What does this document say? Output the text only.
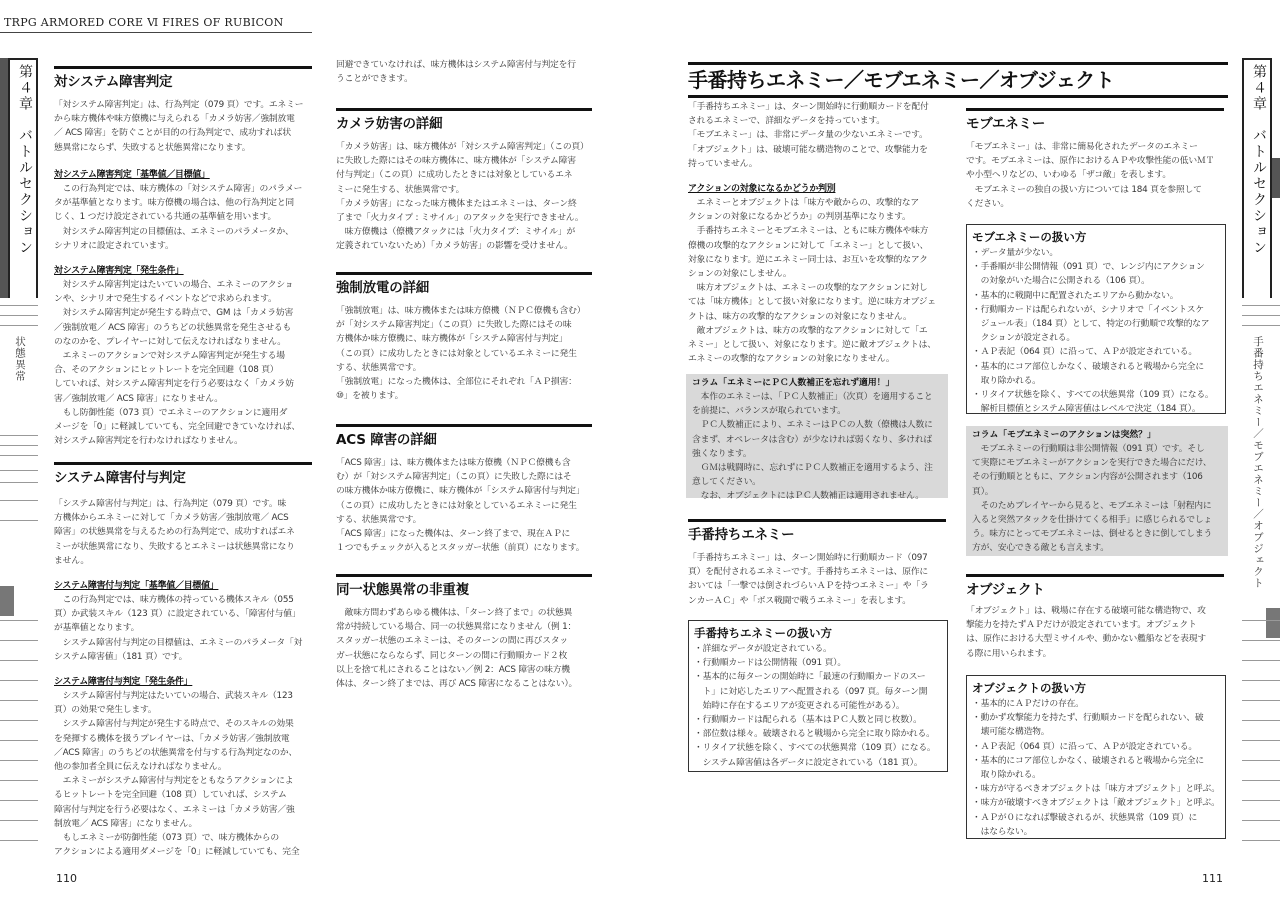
TRPG ARMORED CORE Ⅵ FIRES OF RUBICON
第４章　バトルセクション
状態異常
第４章　バトルセクション
手番持ちエネミー／モブエネミー／オブジェクト
対システム障害判定
「対システム障害判定」は、行為判定（079 頁）です。エネミー
から味方機体や味方僚機に与えられる「カメラ妨害／強制放電
／ ACS 障害」を防ぐことが目的の行為判定で、成功すれば状
態異常にならず、失敗すると状態異常になります。
対システム障害判定「基準値／目標値」
　この行為判定では、味方機体の「対システム障害」のパラメー
タが基準値となります。味方僚機の場合は、他の行為判定と同
じく、1 つだけ設定されている共通の基準値を用います。
　対システム障害判定の目標値は、エネミーのパラメータか、
シナリオに設定されています。
対システム障害判定「発生条件」
　対システム障害判定はたいていの場合、エネミーのアクショ
ンや、シナリオで発生するイベントなどで求められます。
　対システム障害判定が発生する時点で、GM は「カメラ妨害
／強制放電／ ACS 障害」のうちどの状態異常を発生させるも
のなのかを、プレイヤーに対して伝えなければなりません。
　エネミーのアクションで対システム障害判定が発生する場
合、そのアクションにヒットレートを完全回避（108 頁）
していれば、対システム障害判定を行う必要はなく「カメラ妨
害／強制放電／ ACS 障害」になりません。
　もし防御性能（073 頁）でエネミーのアクションに適用ダ
メージを「0」に軽減していても、完全回避できていなければ、
対システム障害判定を行わなければなりません。
システム障害付与判定
「システム障害付与判定」は、行為判定（079 頁）です。味
方機体からエネミーに対して「カメラ妨害／強制放電／ ACS
障害」の状態異常を与えるための行為判定で、成功すればエネ
ミーが状態異常になり、失敗するとエネミーは状態異常になり
ません。
システム障害付与判定「基準値／目標値」
　この行為判定では、味方機体の持っている機体スキル（055
頁）か武装スキル（123 頁）に設定されている、「障害付与値」
が基準値となります。
　システム障害付与判定の目標値は、エネミーのパラメータ「対
システム障害値」（181 頁）です。
システム障害付与判定「発生条件」
　システム障害付与判定はたいていの場合、武装スキル（123
頁）の効果で発生します。
　システム障害付与判定が発生する時点で、そのスキルの効果
を発揮する機体を扱うプレイヤーは、「カメラ妨害／強制放電
／ACS 障害」のうちどの状態異常を付与する行為判定なのか、
他の参加者全員に伝えなければなりません。
　エネミーがシステム障害付与判定をともなうアクションによ
るヒットレートを完全回避（108 頁）していれば、システム
障害付与判定を行う必要はなく、エネミーは「カメラ妨害／強
制放電／ ACS 障害」になりません。
　もしエネミーが防御性能（073 頁）で、味方機体からの
アクションによる適用ダメージを「0」に軽減していても、完全
回避できていなければ、味方機体はシステム障害付与判定を行
うことができます。
カメラ妨害の詳細
「カメラ妨害」は、味方機体が「対システム障害判定」（この頁）
に失敗した際にはその味方機体に、味方機体が「システム障害
付与判定」（この頁）に成功したときには対象としているエネ
ミーに発生する、状態異常です。
「カメラ妨害」になった味方機体またはエネミーは、ターン終
了まで「火力タイプ : ミサイル」のアタックを実行できません。
　味方僚機は（僚機アタックには「火力タイプ：ミサイル」が
定義されていないため）「カメラ妨害」の影響を受けません。
強制放電の詳細
「強制放電」は、味方機体または味方僚機（ＮＰＣ僚機も含む）
が「対システム障害判定」（この頁）に失敗した際にはその味
方機体か味方僚機に、味方機体が「システム障害付与判定」
（この頁）に成功したときには対象としているエネミーに発生
する、状態異常です。
「強制放電」になった機体は、全部位にそれぞれ「ＡＰ損害：
⑩」を被ります。
ACS 障害の詳細
「ACS 障害」は、味方機体または味方僚機（ＮＰＣ僚機も含
む）が「対システム障害判定」（この頁）に失敗した際にはそ
の味方機体か味方僚機に、味方機体が「システム障害付与判定」
（この頁）に成功したときには対象としているエネミーに発生
する、状態異常です。
「ACS 障害」になった機体は、ターン終了まで、現在ＡＰに
１つでもチェックが入るとスタッガー状態（前頁）になります。
同一状態異常の非重複
　敵味方問わずあらゆる機体は、「ターン終了まで」の状態異
常が持続している場合、同一の状態異常になりません（例 1：
スタッガー状態のエネミーは、そのターンの間に再びスタッ
ガー状態にならならず、同じターンの間に行動順カード２枚
以上を捨て札にされることはない／例 2：ACS 障害の味方機
体は、ターン終了までは、再び ACS 障害になることはない）。
手番持ちエネミー／モブエネミー／オブジェクト
「手番持ちエネミー」は、ターン開始時に行動順カードを配付
されるエネミーで、詳細なデータを持っています。
「モブエネミー」は、非常にデータ量の少ないエネミーです。
「オブジェクト」は、破壊可能な構造物のことで、攻撃能力を
持っていません。
アクションの対象になるかどうか判別
　エネミーとオブジェクトは「味方や敵からの、攻撃的なア
クションの対象になるかどうか」の判別基準になります。
　手番持ちエネミーとモブエネミーは、ともに味方機体や味方
僚機の攻撃的なアクションに対して「エネミー」として扱い、
対象になります。逆にエネミー同士は、お互いを攻撃的なアク
ションの対象にしません。
　味方オブジェクトは、エネミーの攻撃的なアクションに対し
ては「味方機体」として扱い対象になります。逆に味方オブジェ
クトは、味方の攻撃的なアクションの対象になりません。
　敵オブジェクトは、味方の攻撃的なアクションに対して「エ
ネミー」として扱い、対象になります。逆に敵オブジェクトは、
エネミーの攻撃的なアクションの対象になりません。
コラム「エネミーにＰＣ人数補正を忘れず適用！」
　本作のエネミーは、「ＰＣ人数補正」（次頁）を適用すること
を前提に、バランスが取られています。
　ＰＣ人数補正により、エネミーはＰＣの人数（僚機は人数に
含まず、オペレータは含む）が少なければ弱くなり、多ければ
強くなります。
　ＧＭは戦闘時に、忘れずにＰＣ人数補正を適用するよう、注
意してください。
　なお、オブジェクトにはＰＣ人数補正は適用されません。
手番持ちエネミー
「手番持ちエネミー」は、ターン開始時に行動順カード（097
頁）を配付されるエネミーです。手番持ちエネミーは、原作に
おいては「一撃では倒されづらいＡＰを持つエネミー」や「ラ
ンカーＡＣ」や「ボス戦闘で戦うエネミー」を表します。
手番持ちエネミーの扱い方
・詳細なデータが設定されている。
・行動順カードは公開情報（091 頁）。
・基本的に毎ターンの開始時に「最速の行動順カードのスー
　ト」に対応したエリアへ配置される（097 頁。毎ターン開
　始時に存在するエリアが変更される可能性がある）。
・行動順カードは配られる（基本はＰＣ人数と同じ枚数）。
・部位数は様々。破壊されると戦場から完全に取り除かれる。
・リタイア状態を除く、すべての状態異常（109 頁）になる。
　システム障害値は各データに設定されている（181 頁）。
モブエネミー
「モブエネミー」は、非常に簡易化されたデータのエネミー
です。モブエネミーは、原作におけるＡＰや攻撃性能の低いＭＴ
や小型ヘリなどの、いわゆる「ザコ敵」を表します。
　モブエネミーの独自の扱い方については 184 頁を参照して
ください。
モブエネミーの扱い方
・データ量が少ない。
・手番順が非公開情報（091 頁）で、レンジ内にアクション
　の対象がいた場合に公開される（106 頁）。
・基本的に戦闘中に配置されたエリアから動かない。
・行動順カードは配られないが、シナリオで「イベントスケ
　ジュール表」（184 頁）として、特定の行動順で攻撃的なア
　クションが設定される。
・ＡＰ表記（064 頁）に沿って、ＡＰが設定されている。
・基本的にコア部位しかなく、破壊されると戦場から完全に
　取り除かれる。
・リタイア状態を除く、すべての状態異常（109 頁）になる。
　解析目標値とシステム障害値はレベルで決定（184 頁）。
コラム「モブエネミーのアクションは突然？」
　モブエネミーの行動順は非公開情報（091 頁）です。そし
て実際にモブエネミーがアクションを実行できた場合にだけ、
その行動順とともに、アクション内容が公開されます（106
頁）。
　そのためプレイヤーから見ると、モブエネミーは「射程内に
入ると突然アタックを仕掛けてくる相手」に感じられるでしょ
う。味方にとってモブエネミーは、倒せるときに倒してしまう
方が、安心できる敵とも言えます。
オブジェクト
「オブジェクト」は、戦場に存在する破壊可能な構造物で、攻
撃能力を持たずＡＰだけが設定されています。オブジェクト
は、原作における大型ミサイルや、動かない艦船などを表現す
る際に用いられます。
オブジェクトの扱い方
・基本的にＡＰだけの存在。
・動かず攻撃能力を持たず、行動順カードを配られない、破
　壊可能な構造物。
・ＡＰ表記（064 頁）に沿って、ＡＰが設定されている。
・基本的にコア部位しかなく、破壊されると戦場から完全に
　取り除かれる。
・味方が守るべきオブジェクトは「味方オブジェクト」と呼ぶ。
・味方が破壊すべきオブジェクトは「敵オブジェクト」と呼ぶ。
・ＡＰが０になれば撃破されるが、状態異常（109 頁）に
　はならない。
110	111
